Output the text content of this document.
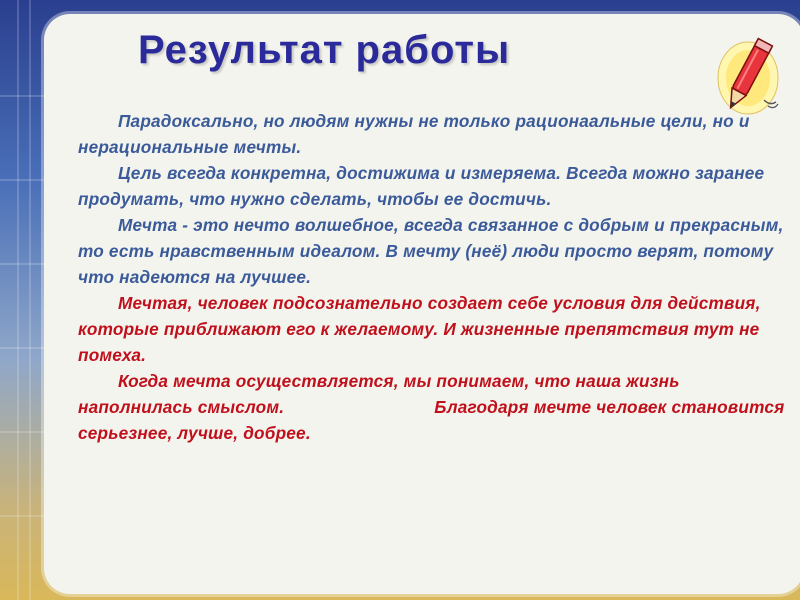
Результат работы

Парадоксально, но людям нужны не только рационаальные цели, но и нерациональные мечты.

Цель всегда конкретна, достижима и измеряема. Всегда можно заранее продумать, что нужно сделать, чтобы ее достичь.

Мечта - это нечто волшебное, всегда связанное с добрым и прекрасным, то есть нравственным идеалом. В мечту (неё) люди просто верят, потому что надеются на лучшее.

Мечтая, человек подсознательно создает себе условия для действия, которые приближают его к желаемому. И жизненные препятствия тут не помеха.

Когда мечта осуществляется, мы понимаем, что наша жизнь наполнилась смыслом.	Благодаря мечте человек становится серьезнее, лучше, добрее.
